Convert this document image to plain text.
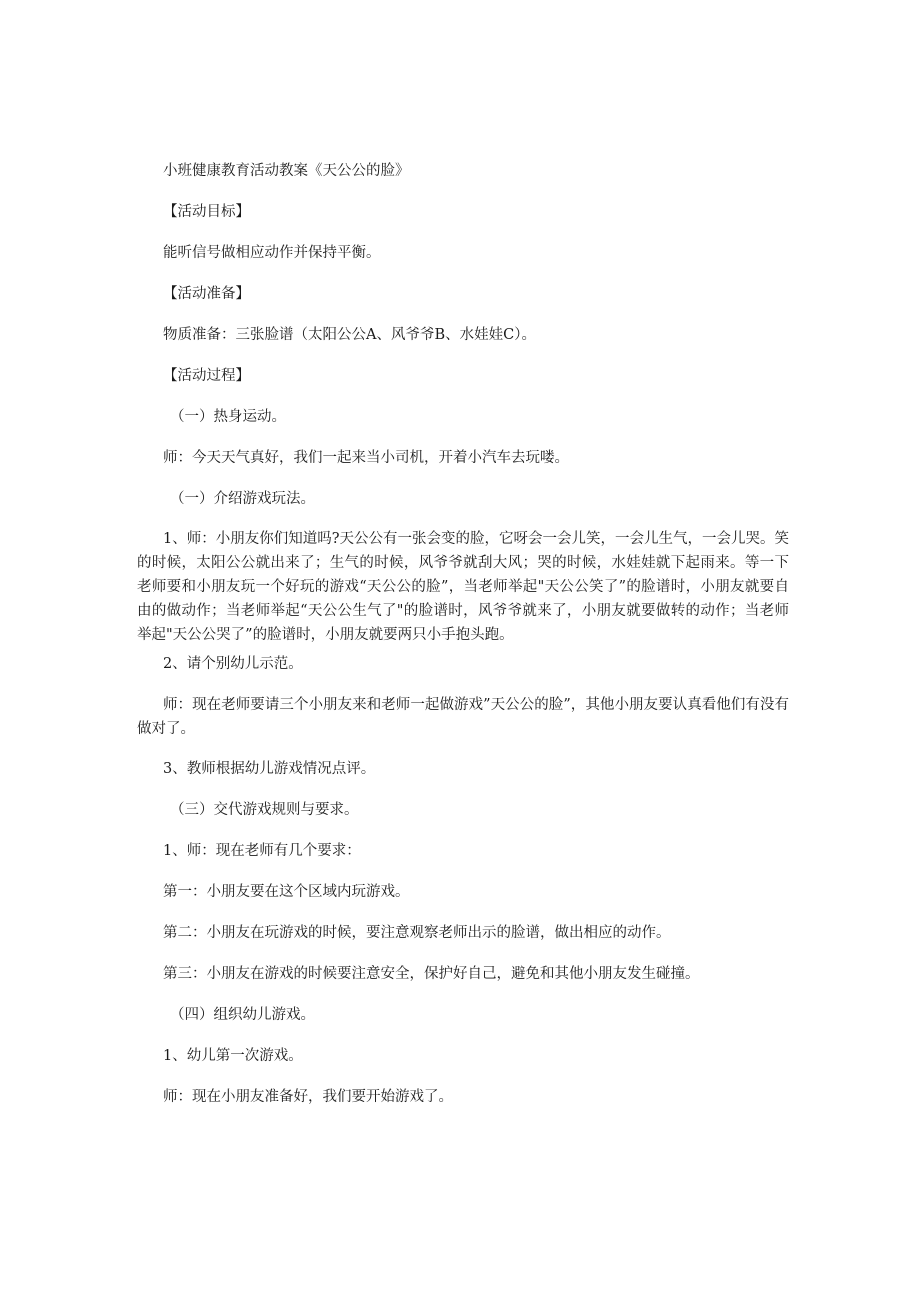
小班健康教育活动教案《天公公的脸》
【活动目标】
能听信号做相应动作并保持平衡。
【活动准备】
物质准备：三张脸谱（太阳公公A、风爷爷B、水娃娃C）。
【活动过程】
（一）热身运动。
师：今天天气真好，我们一起来当小司机，开着小汽车去玩喽。
（一）介绍游戏玩法。
1、师：小朋友你们知道吗?天公公有一张会变的脸，它呀会一会儿笑，一会儿生气，一会儿哭。笑的时候，太阳公公就出来了；生气的时候，风爷爷就刮大风；哭的时候，水娃娃就下起雨来。等一下老师要和小朋友玩一个好玩的游戏“天公公的脸”，当老师举起"天公公笑了”的脸谱时，小朋友就要自由的做动作；当老师举起“天公公生气了"的脸谱时，风爷爷就来了，小朋友就要做转的动作；当老师举起"天公公哭了”的脸谱时，小朋友就要两只小手抱头跑。
2、请个别幼儿示范。
师：现在老师要请三个小朋友来和老师一起做游戏”天公公的脸”，其他小朋友要认真看他们有没有做对了。
3、教师根据幼儿游戏情况点评。
（三）交代游戏规则与要求。
1、师：现在老师有几个要求：
第一：小朋友要在这个区域内玩游戏。
第二：小朋友在玩游戏的时候，要注意观察老师出示的脸谱，做出相应的动作。
第三：小朋友在游戏的时候要注意安全，保护好自己，避免和其他小朋友发生碰撞。
（四）组织幼儿游戏。
1、幼儿第一次游戏。
师：现在小朋友准备好，我们要开始游戏了。
